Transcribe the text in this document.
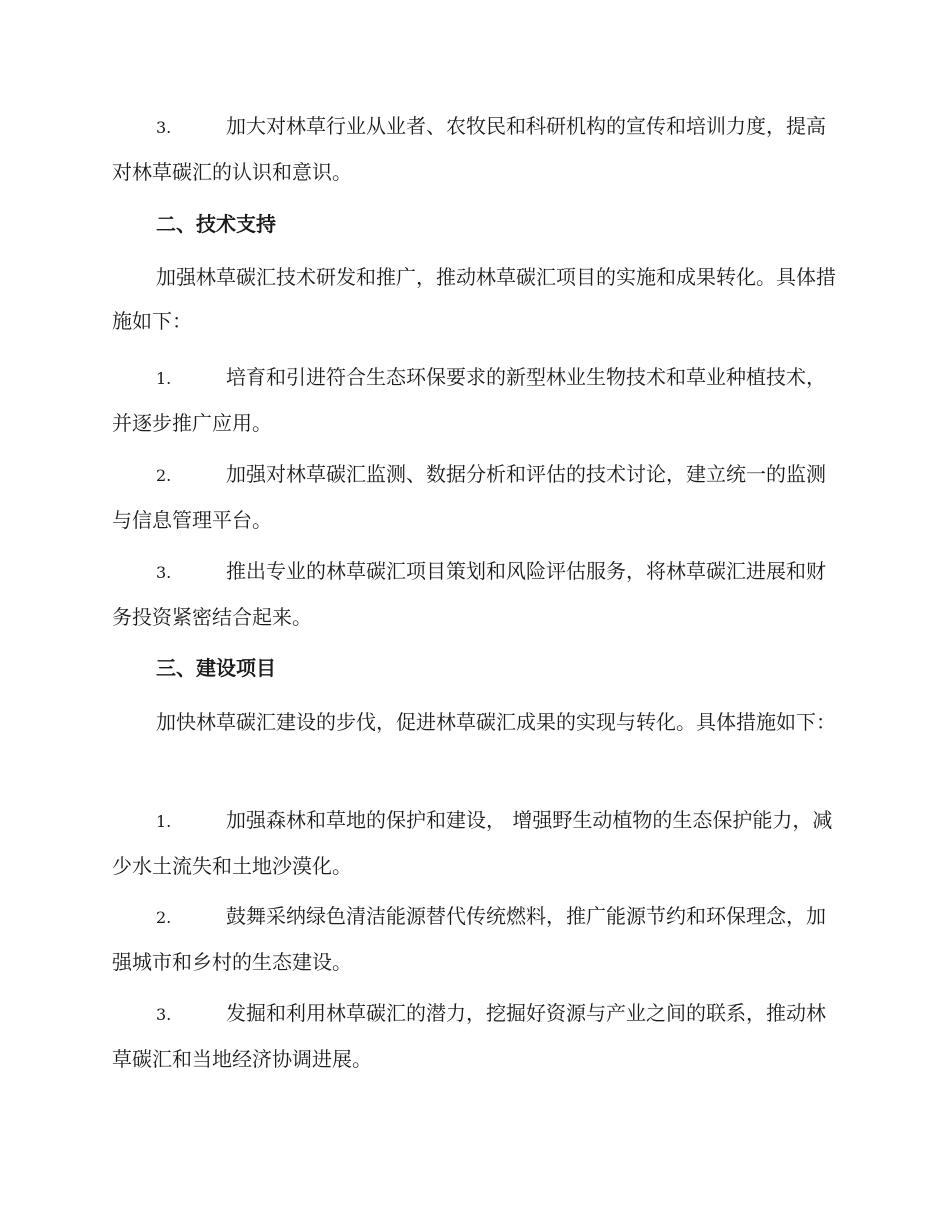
3.	加大对林草行业从业者、农牧民和科研机构的宣传和培训力度，提高对林草碳汇的认识和意识。
二、技术支持
加强林草碳汇技术研发和推广，推动林草碳汇项目的实施和成果转化。具体措施如下：
1.	培育和引进符合生态环保要求的新型林业生物技术和草业种植技术，并逐步推广应用。
2.	加强对林草碳汇监测、数据分析和评估的技术讨论，建立统一的监测与信息管理平台。
3.	推出专业的林草碳汇项目策划和风险评估服务，将林草碳汇进展和财务投资紧密结合起来。
三、建设项目
加快林草碳汇建设的步伐，促进林草碳汇成果的实现与转化。具体措施如下：
1.	加强森林和草地的保护和建设， 增强野生动植物的生态保护能力，减少水土流失和土地沙漠化。
2.	鼓舞采纳绿色清洁能源替代传统燃料，推广能源节约和环保理念，加强城市和乡村的生态建设。
3.	发掘和利用林草碳汇的潜力，挖掘好资源与产业之间的联系，推动林草碳汇和当地经济协调进展。
